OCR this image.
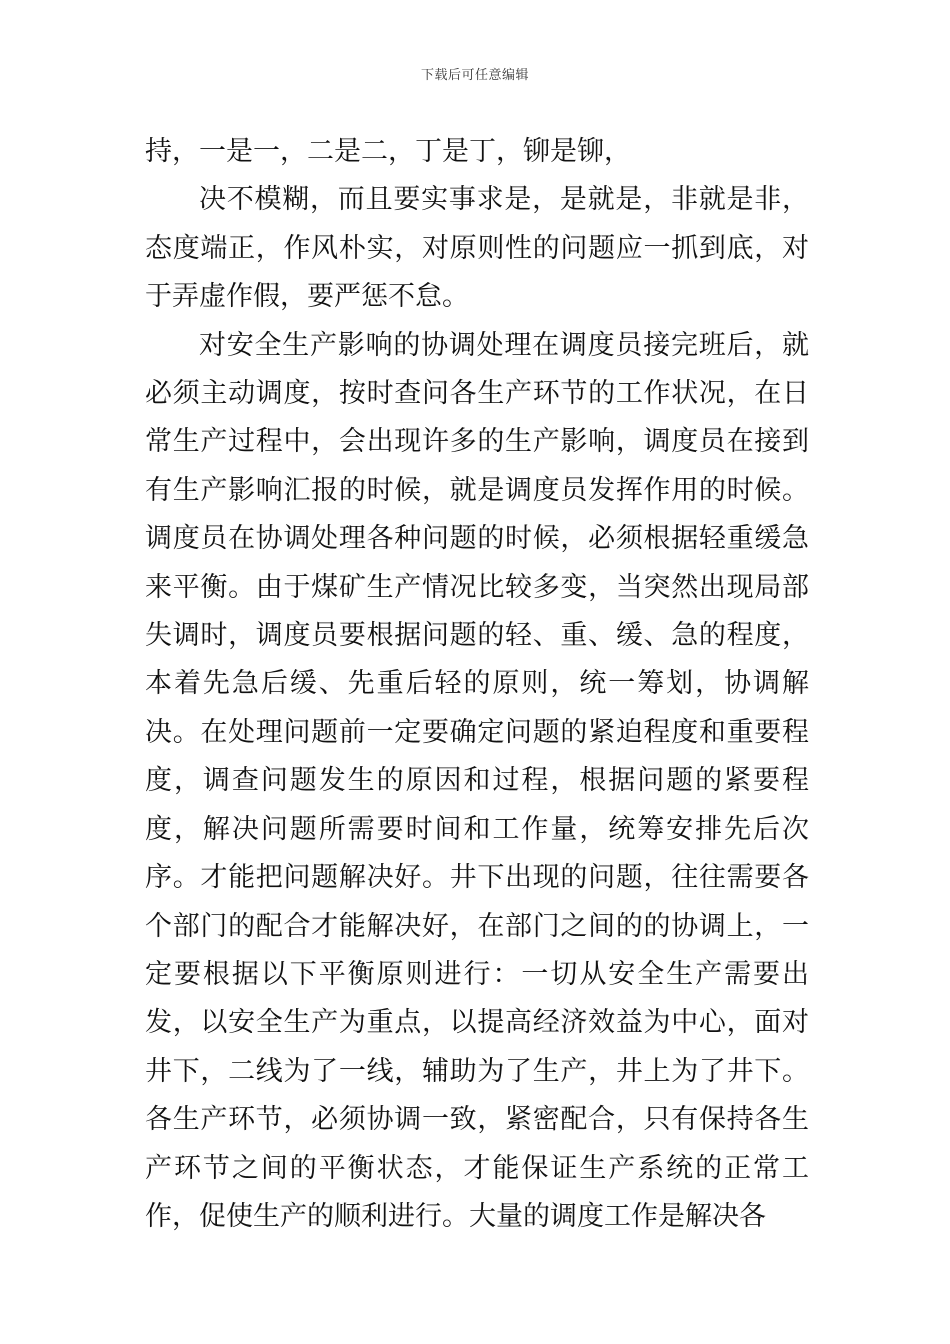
下载后可任意编辑

持，一是一，二是二，丁是丁，铆是铆，

决不模糊，而且要实事求是，是就是，非就是非，态度端正，作风朴实，对原则性的问题应一抓到底，对于弄虚作假，要严惩不怠。

对安全生产影响的协调处理在调度员接完班后，就必须主动调度，按时查问各生产环节的工作状况，在日常生产过程中，会出现许多的生产影响，调度员在接到有生产影响汇报的时候，就是调度员发挥作用的时候。调度员在协调处理各种问题的时候，必须根据轻重缓急来平衡。由于煤矿生产情况比较多变，当突然出现局部失调时，调度员要根据问题的轻、重、缓、急的程度，本着先急后缓、先重后轻的原则，统一筹划，协调解决。在处理问题前一定要确定问题的紧迫程度和重要程度，调查问题发生的原因和过程，根据问题的紧要程度，解决问题所需要时间和工作量，统筹安排先后次序。才能把问题解决好。井下出现的问题，往往需要各个部门的配合才能解决好，在部门之间的的协调上，一定要根据以下平衡原则进行：一切从安全生产需要出发，以安全生产为重点，以提高经济效益为中心，面对井下，二线为了一线，辅助为了生产，井上为了井下。各生产环节，必须协调一致，紧密配合，只有保持各生产环节之间的平衡状态，才能保证生产系统的正常工作，促使生产的顺利进行。大量的调度工作是解决各
